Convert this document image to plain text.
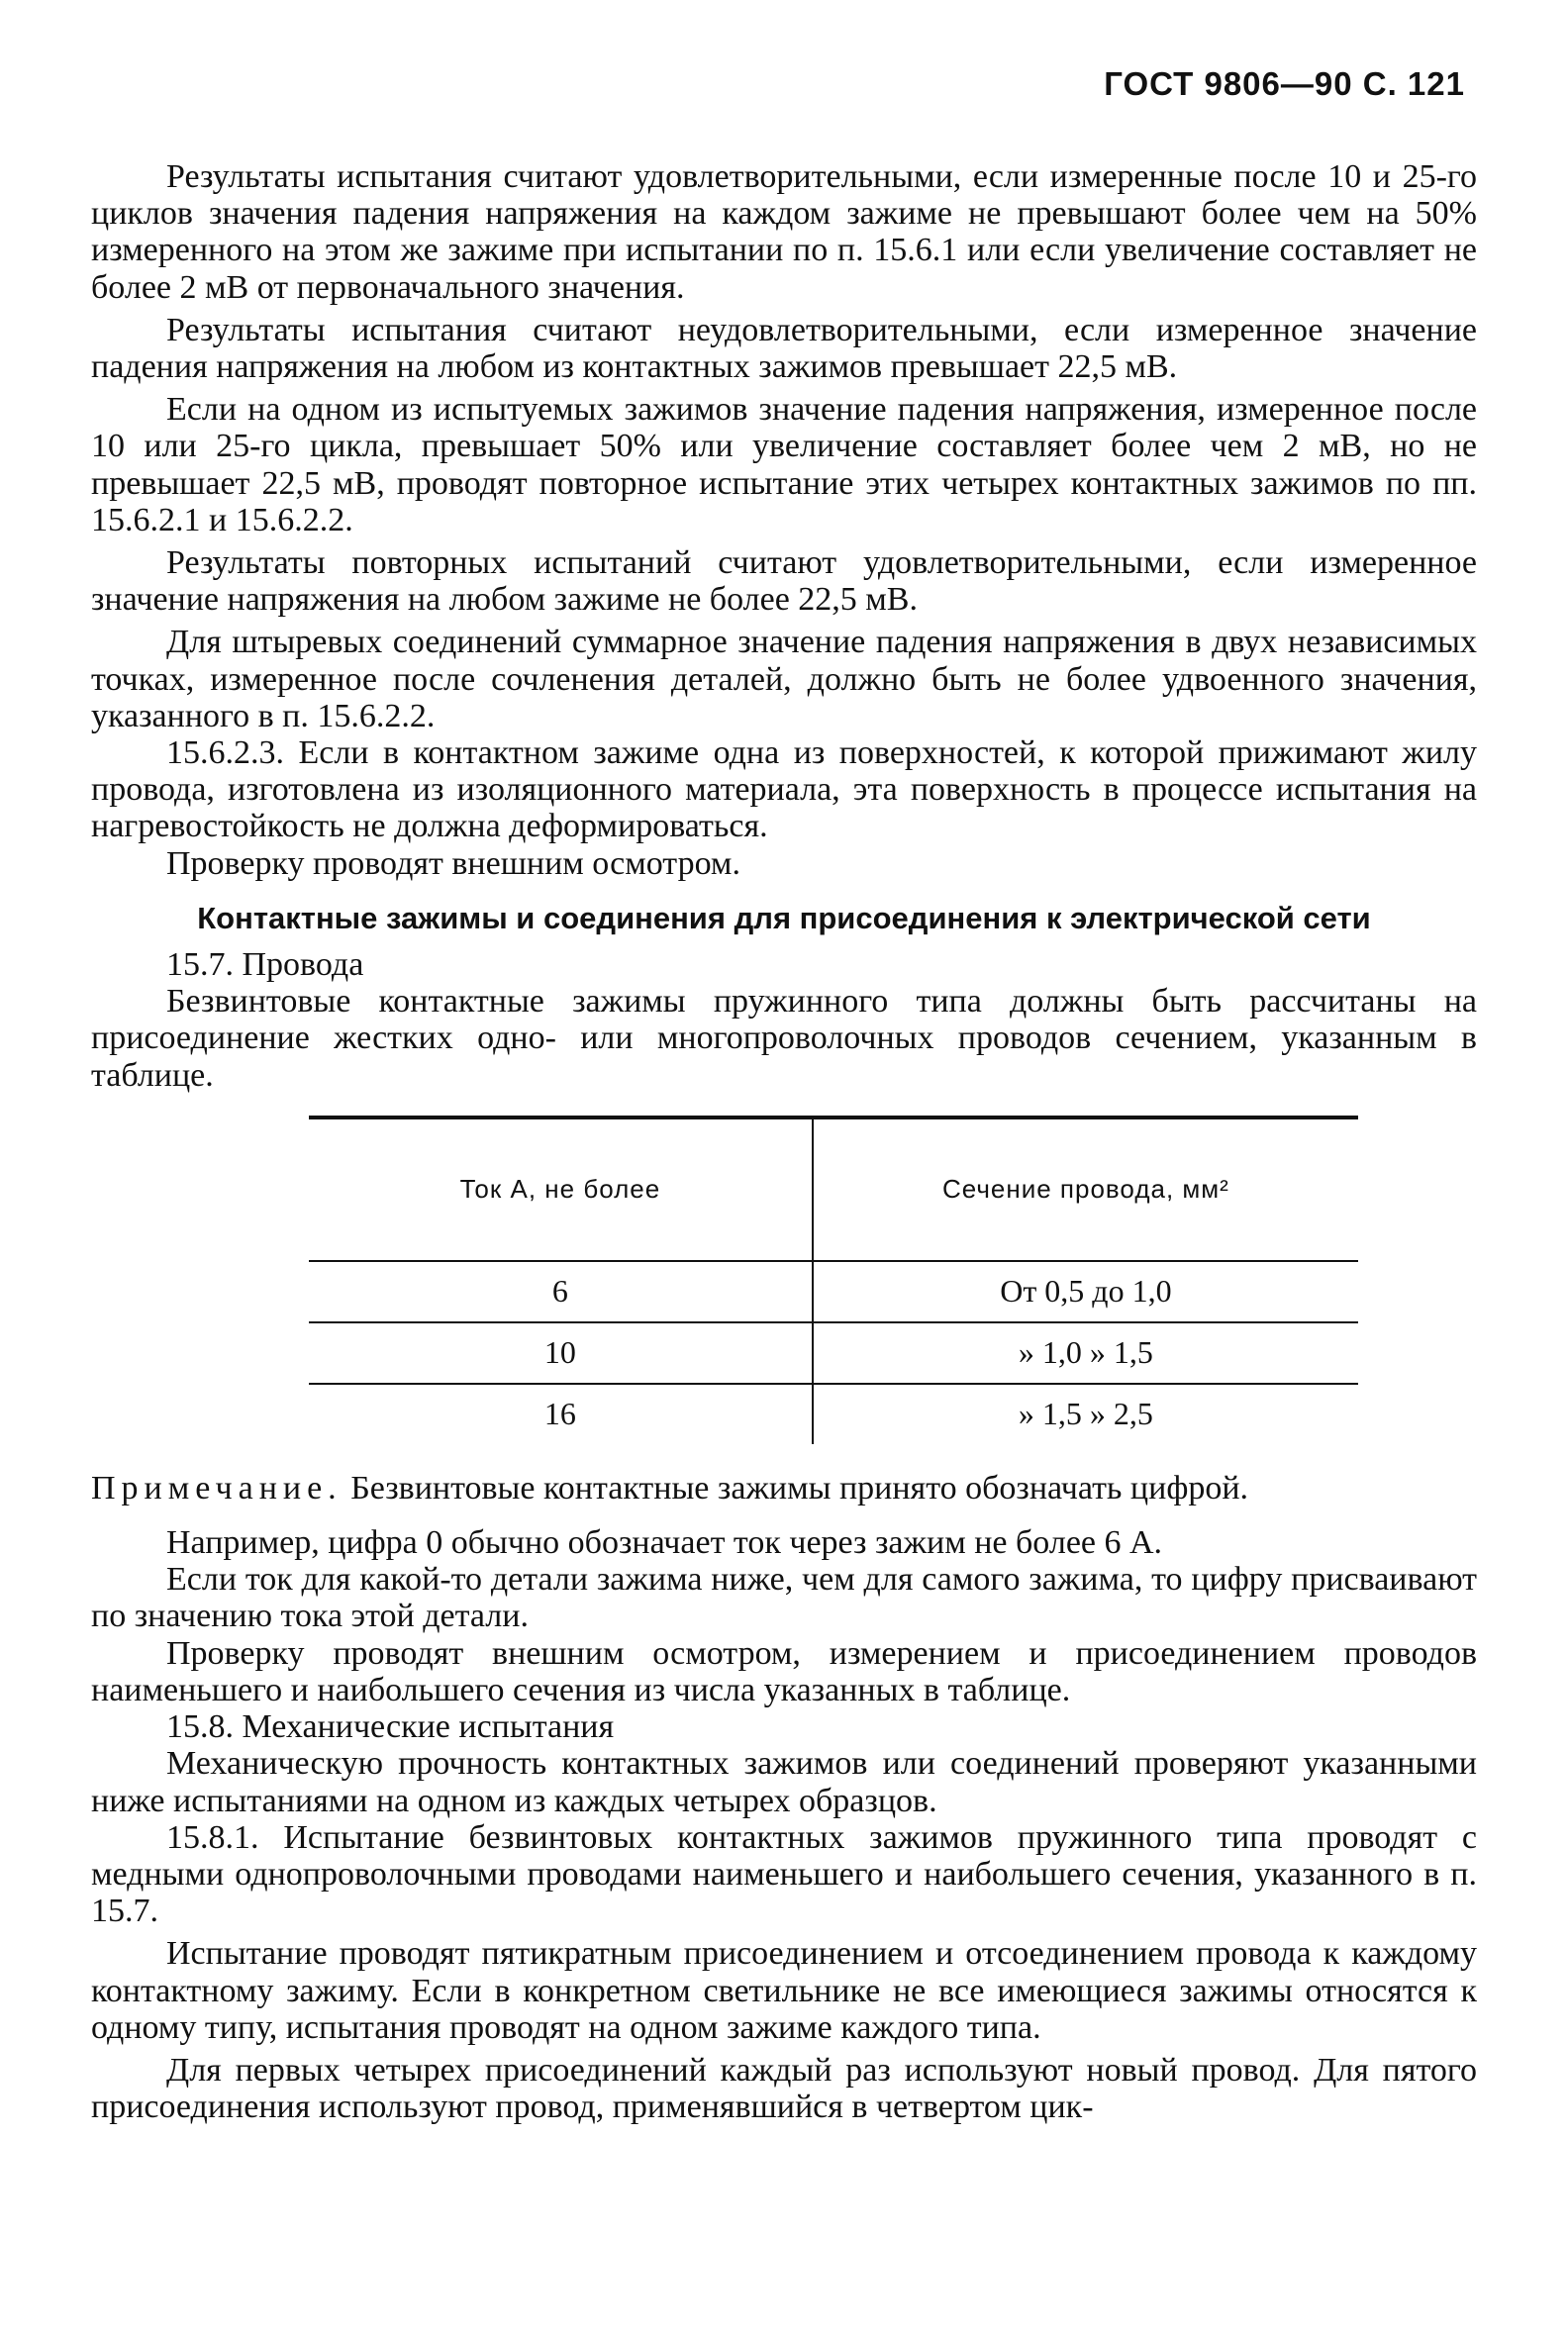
ГОСТ 9806—90 С. 121

Результаты испытания считают удовлетворительными, если измеренные после 10 и 25-го циклов значения падения напряжения на каждом зажиме не превышают более чем на 50% измеренного на этом же зажиме при испытании по п. 15.6.1 или если увеличение составляет не более 2 мВ от первоначального значения.

Результаты испытания считают неудовлетворительными, если измеренное значение падения напряжения на любом из контактных зажимов превышает 22,5 мВ.

Если на одном из испытуемых зажимов значение падения напряжения, измеренное после 10 или 25-го цикла, превышает 50% или увеличение составляет более чем 2 мВ, но не превышает 22,5 мВ, проводят повторное испытание этих четырех контактных зажимов по пп. 15.6.2.1 и 15.6.2.2.

Результаты повторных испытаний считают удовлетворительными, если измеренное значение напряжения на любом зажиме не более 22,5 мВ.

Для штыревых соединений суммарное значение падения напряжения в двух независимых точках, измеренное после сочленения деталей, должно быть не более удвоенного значения, указанного в п. 15.6.2.2.

15.6.2.3. Если в контактном зажиме одна из поверхностей, к которой прижимают жилу провода, изготовлена из изоляционного материала, эта поверхность в процессе испытания на нагревостойкость не должна деформироваться.

Проверку проводят внешним осмотром.

Контактные зажимы и соединения для присоединения к электрической сети

15.7. Провода

Безвинтовые контактные зажимы пружинного типа должны быть рассчитаны на присоединение жестких одно- или многопроволочных проводов сечением, указанным в таблице.

Ток А, не более	Сечение провода, мм²
6	От 0,5 до 1,0
10	» 1,0 » 1,5
16	» 1,5 » 2,5

Примечание. Безвинтовые контактные зажимы принято обозначать цифрой.

Например, цифра 0 обычно обозначает ток через зажим не более 6 А.

Если ток для какой-то детали зажима ниже, чем для самого зажима, то цифру присваивают по значению тока этой детали.

Проверку проводят внешним осмотром, измерением и присоединением проводов наименьшего и наибольшего сечения из числа указанных в таблице.

15.8. Механические испытания

Механическую прочность контактных зажимов или соединений проверяют указанными ниже испытаниями на одном из каждых четырех образцов.

15.8.1. Испытание безвинтовых контактных зажимов пружинного типа проводят с медными однопроволочными проводами наименьшего и наибольшего сечения, указанного в п. 15.7.

Испытание проводят пятикратным присоединением и отсоединением провода к каждому контактному зажиму. Если в конкретном светильнике не все имеющиеся зажимы относятся к одному типу, испытания проводят на одном зажиме каждого типа.

Для первых четырех присоединений каждый раз используют новый провод. Для пятого присоединения используют провод, применявшийся в четвертом цик-
